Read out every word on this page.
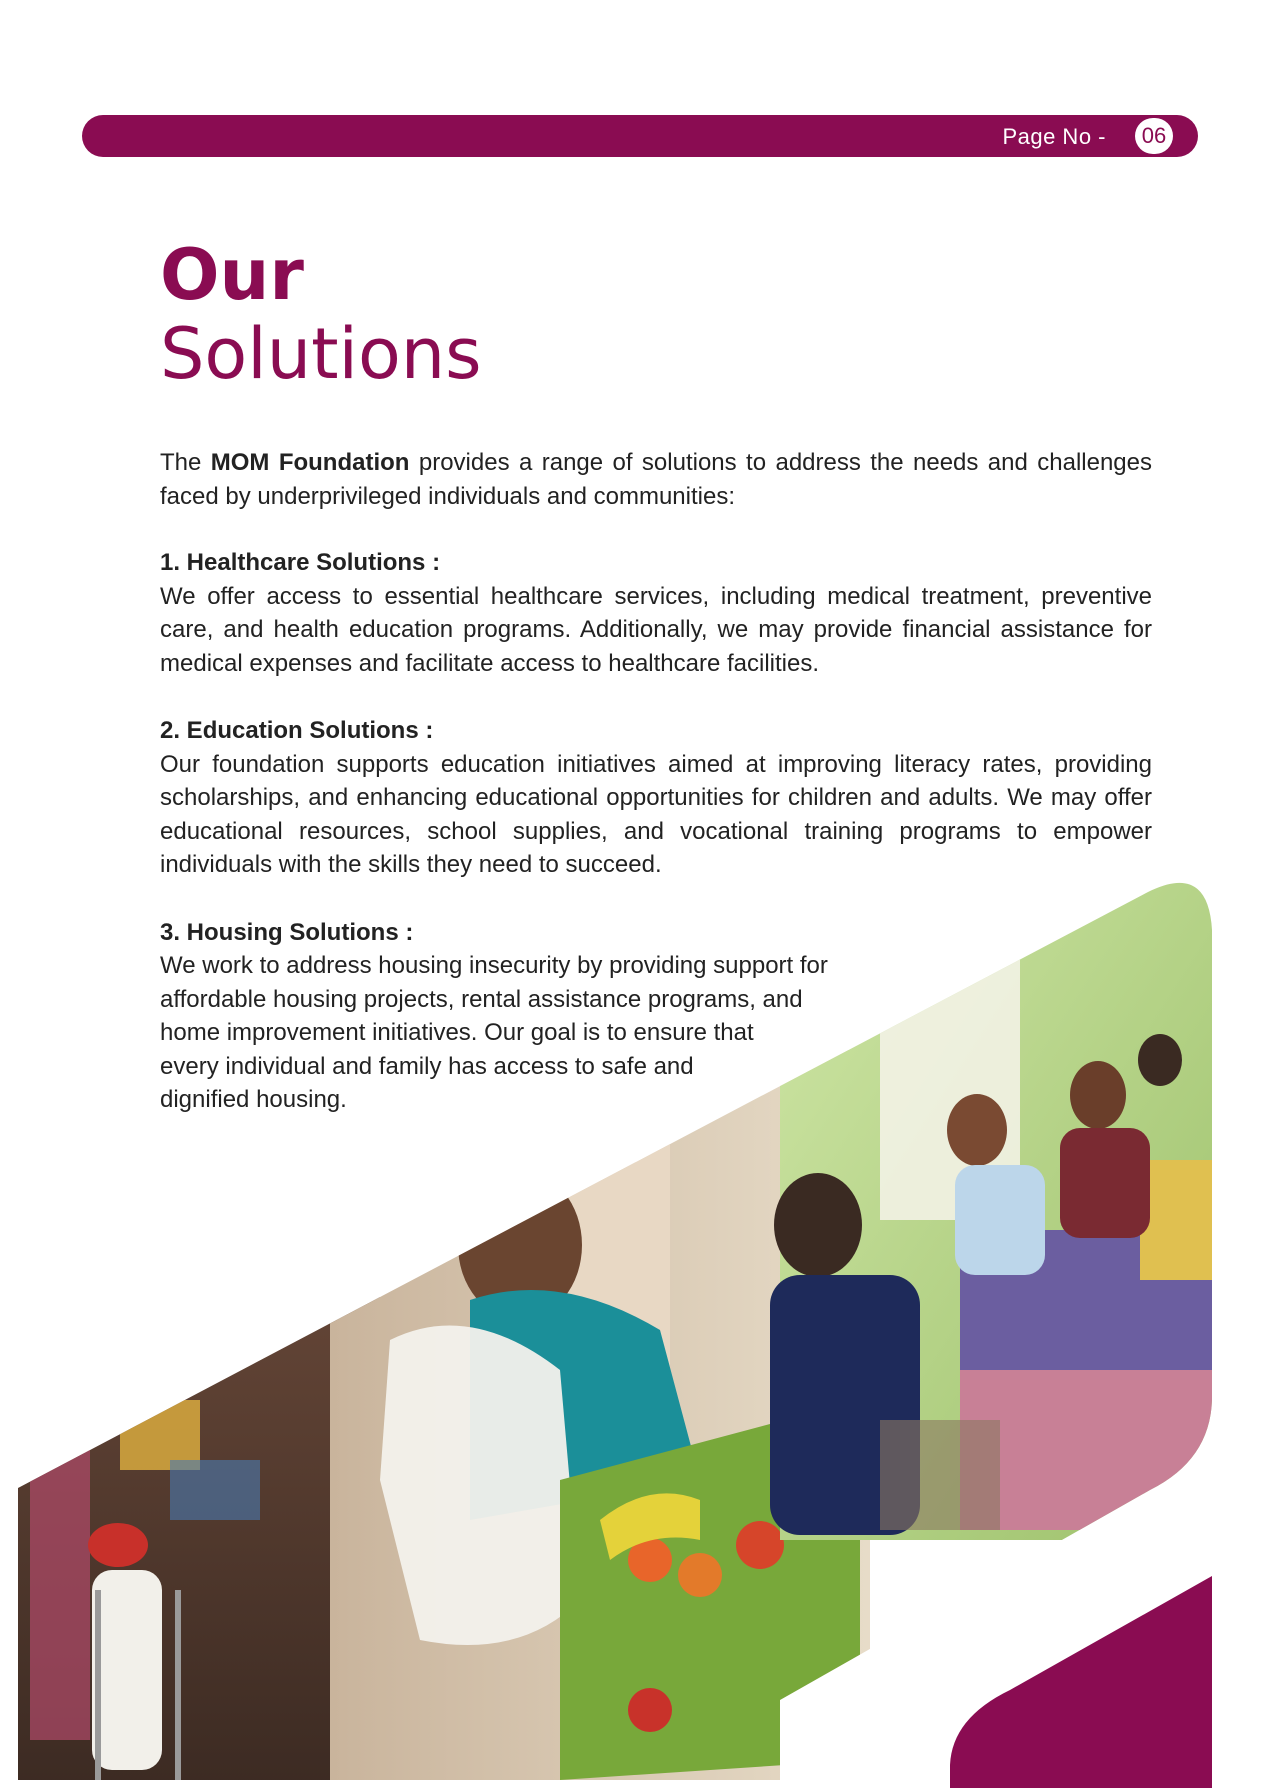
Page No -	06
Our
Solutions

The MOM Foundation provides a range of solutions to address the needs and challenges faced by underprivileged individuals and communities:

1. Healthcare Solutions :

We offer access to essential healthcare services, including medical treatment, preventive care, and health education programs. Additionally, we may provide financial assistance for medical expenses and facilitate access to healthcare facilities.

2. Education Solutions :

Our foundation supports education initiatives aimed at improving literacy rates, providing scholarships, and enhancing educational opportunities for children and adults. We may offer educational resources, school supplies, and vocational training programs to empower individuals with the skills they need to succeed.

3. Housing Solutions :
We work to address housing insecurity by providing support for
affordable housing projects, rental assistance programs, and
home improvement initiatives. Our goal is to ensure that
every individual and family has access to safe and
dignified housing.
